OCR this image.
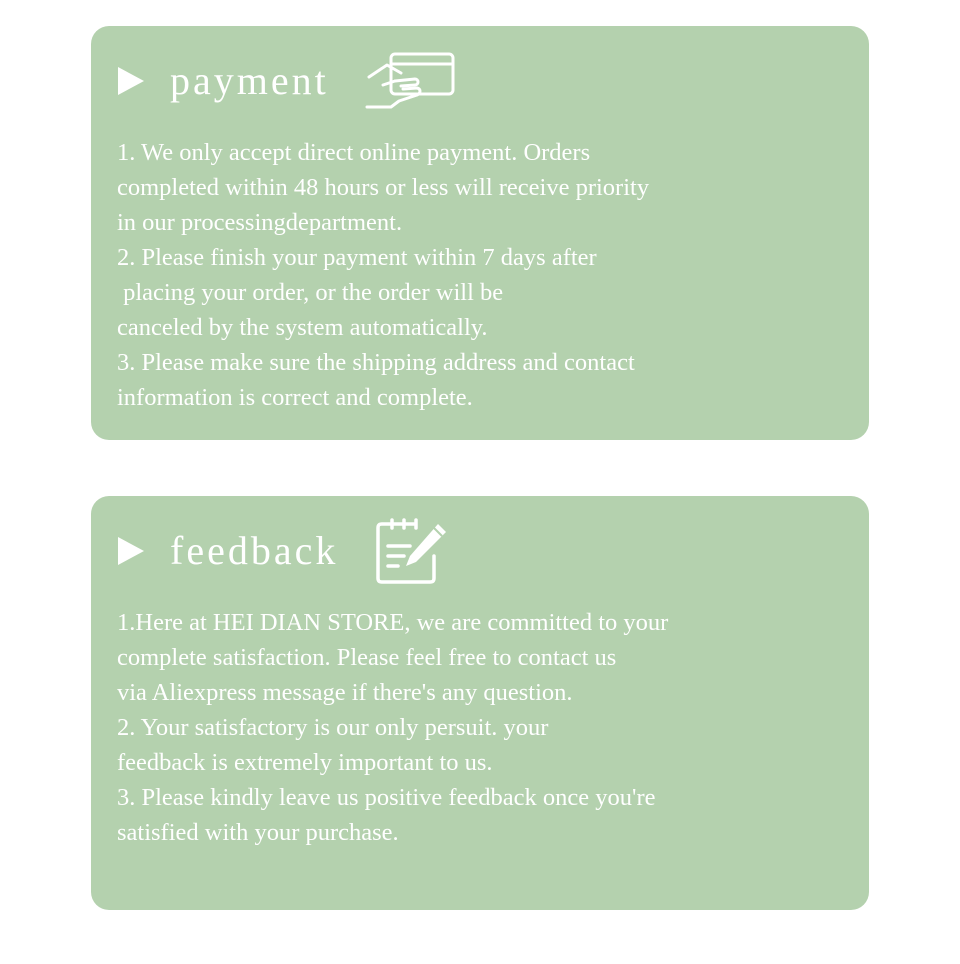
payment
1. We only accept direct online payment. Orders
completed within 48 hours or less will receive priority
in our processingdepartment.
2. Please finish your payment within 7 days after
placing your order, or the order will be
canceled by the system automatically.
3. Please make sure the shipping address and contact
information is correct and complete.
feedback
1.Here at HEI DIAN STORE, we are committed to your
complete satisfaction. Please feel free to contact us
via Aliexpress message if there's any question.
2. Your satisfactory is our only persuit. your
feedback is extremely important to us.
3. Please kindly leave us positive feedback once you're
satisfied with your purchase.
